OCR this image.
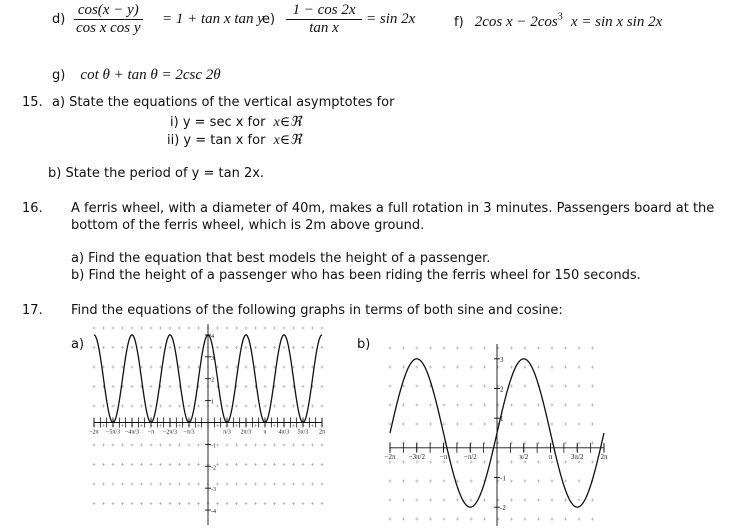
$d) \frac{\cos(x - y)}{\text{cos x cos y}} = 1 + \tan x$ tan y
$e) \frac{1 - \cos 2x}{\text{tan x}} = \sin 2x$	f) 2cos $x - 2\cos^3$ x = sin x sin 2x
g) cot θ + tan θ = 2csc 2θ
15. a) State the equations of the vertical asymptotes for
i) y = sec x for x∈ℜ
ii) y = tan x for x∈ℜ
b) State the period of y = tan 2x.
16. A ferris wheel, with a diameter of 40m, makes a full rotation in 3 minutes. Passengers board at the
bottom of the ferris wheel, which is 2m above ground.
a) Find the equation that best models the height of a passenger.
b) Find the height of a passenger who has been riding the ferris wheel for 150 seconds.
17. Find the equations of the following graphs in terms of both sine and cosine:
a)	b)
−2π −5π/3 −4π/3 −π −2π/3 −π/3	π/3 2π/3 π 4π/3 5π/3 2π
4
3
2
1
-1
-2
-3
-4
−2π −3π/2 −π −π/2	π/2	π	3π/2 2π
3
2
1
-1
-2
